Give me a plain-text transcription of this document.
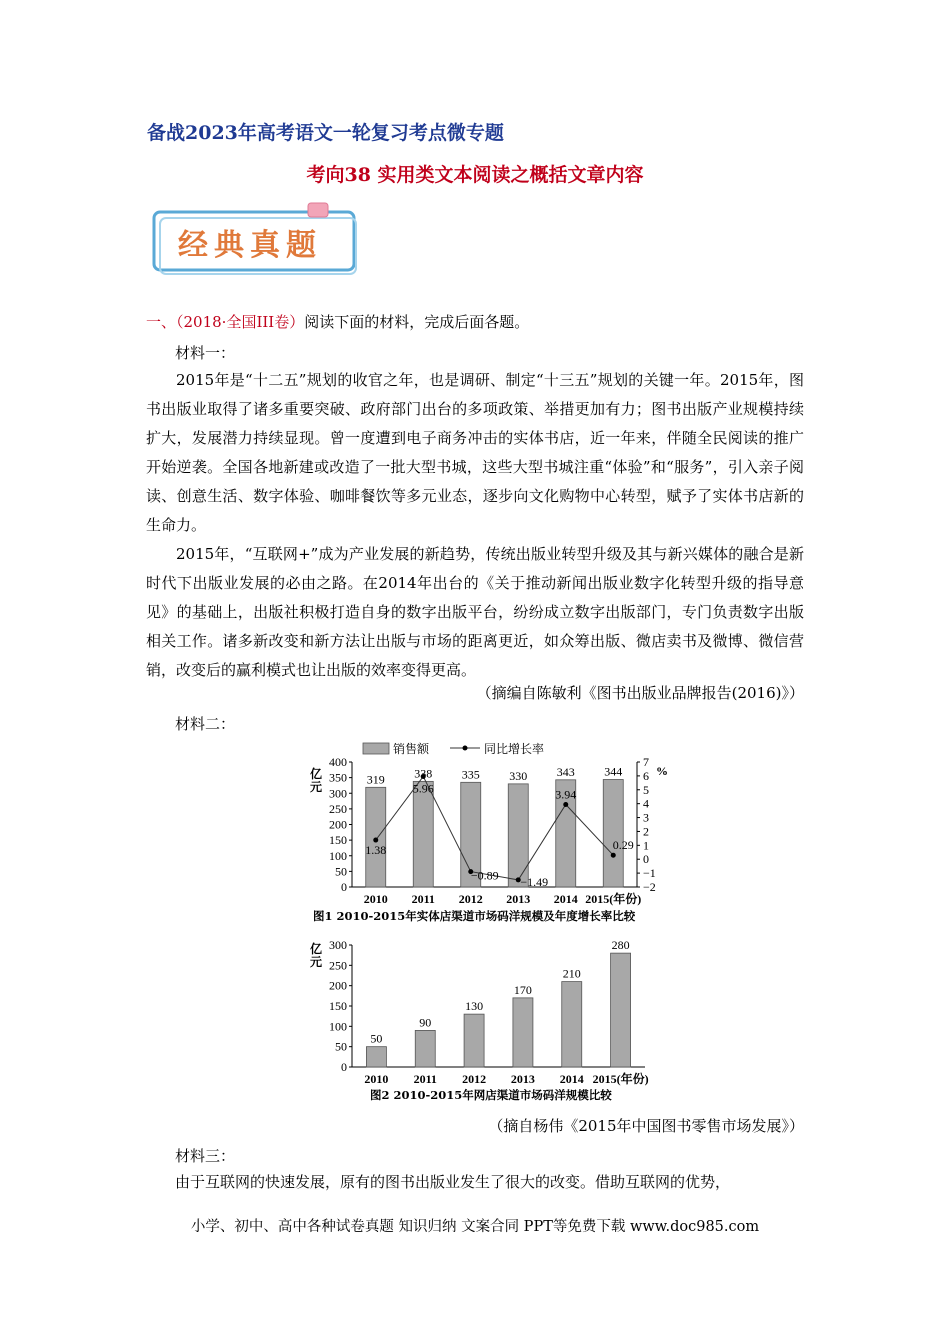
备战2023年高考语文一轮复习考点微专题
考向38 实用类文本阅读之概括文章内容
经典真题
一、（2018·全国III卷）阅读下面的材料，完成后面各题。
材料一：
2015年是“十二五”规划的收官之年，也是调研、制定“十三五”规划的关键一年。2015年，图书出版业取得了诸多重要突破、政府部门出台的多项政策、举措更加有力；图书出版产业规模持续扩大，发展潜力持续显现。曾一度遭到电子商务冲击的实体书店，近一年来，伴随全民阅读的推广开始逆袭。全国各地新建或改造了一批大型书城，这些大型书城注重“体验”和“服务”，引入亲子阅读、创意生活、数字体验、咖啡餐饮等多元业态，逐步向文化购物中心转型，赋予了实体书店新的生命力。
2015年，“互联网+”成为产业发展的新趋势，传统出版业转型升级及其与新兴媒体的融合是新时代下出版业发展的必由之路。在2014年出台的《关于推动新闻出版业数字化转型升级的指导意见》的基础上，出版社积极打造自身的数字出版平台，纷纷成立数字出版部门，专门负责数字出版相关工作。诸多新改变和新方法让出版与市场的距离更近，如众筹出版、微店卖书及微博、微信营销，改变后的赢利模式也让出版的效率变得更高。
（摘编自陈敏利《图书出版业品牌报告(2016)》）
材料二：
销售额	同比增长率
亿元
%
0
50
100
150
200
250
300
350
400
−2
−1
0
1
2
3
4
5
6
7
319
2010
338
2011
335
2012
330
2013
343
2014
344
2015(年份)
1.38
5.96
−0.89 −1.49
3.94
0.29
图1 2010-2015年实体店渠道市场码洋规模及年度增长率比较
亿元
0
50
100
150
200
250
300
50
2010
90
2011
130
2012
170
2013
210
2014
280
2015(年份)
图2 2010-2015年网店渠道市场码洋规模比较
（摘自杨伟《2015年中国图书零售市场发展》）
材料三：
由于互联网的快速发展，原有的图书出版业发生了很大的改变。借助互联网的优势，
小学、初中、高中各种试卷真题 知识归纳 文案合同 PPT等免费下载 www.doc985.com
